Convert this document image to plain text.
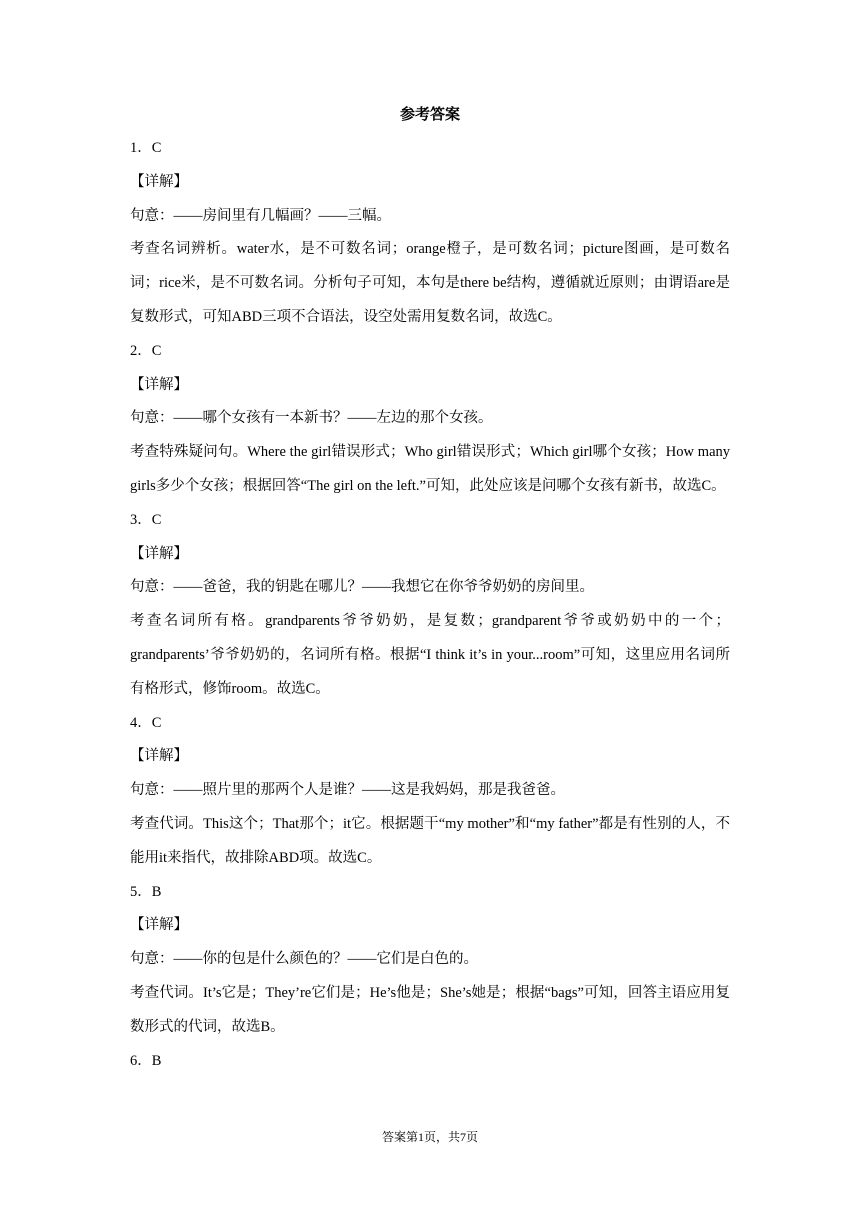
参考答案

1．C

【详解】

句意：——房间里有几幅画？——三幅。

考查名词辨析。water水，是不可数名词；orange橙子，是可数名词；picture图画，是可数名词；rice米，是不可数名词。分析句子可知，本句是there be结构，遵循就近原则；由谓语are是复数形式，可知ABD三项不合语法，设空处需用复数名词，故选C。

2．C

【详解】

句意：——哪个女孩有一本新书？——左边的那个女孩。

考查特殊疑问句。Where the girl错误形式；Who girl错误形式；Which girl哪个女孩；How many girls多少个女孩；根据回答“The girl on the left.”可知，此处应该是问哪个女孩有新书，故选C。

3．C

【详解】

句意：——爸爸，我的钥匙在哪儿？——我想它在你爷爷奶奶的房间里。

考查名词所有格。grandparents爷爷奶奶，是复数；grandparent爷爷或奶奶中的一个；grandparents’爷爷奶奶的，名词所有格。根据“I think it’s in your...room”可知，这里应用名词所有格形式，修饰room。故选C。

4．C

【详解】

句意：——照片里的那两个人是谁？——这是我妈妈，那是我爸爸。

考查代词。This这个；That那个；it它。根据题干“my mother”和“my father”都是有性别的人，不能用it来指代，故排除ABD项。故选C。

5．B

【详解】

句意：——你的包是什么颜色的？——它们是白色的。

考查代词。It’s它是；They’re它们是；He’s他是；She’s她是；根据“bags”可知，回答主语应用复数形式的代词，故选B。

6．B

答案第1页，共7页
